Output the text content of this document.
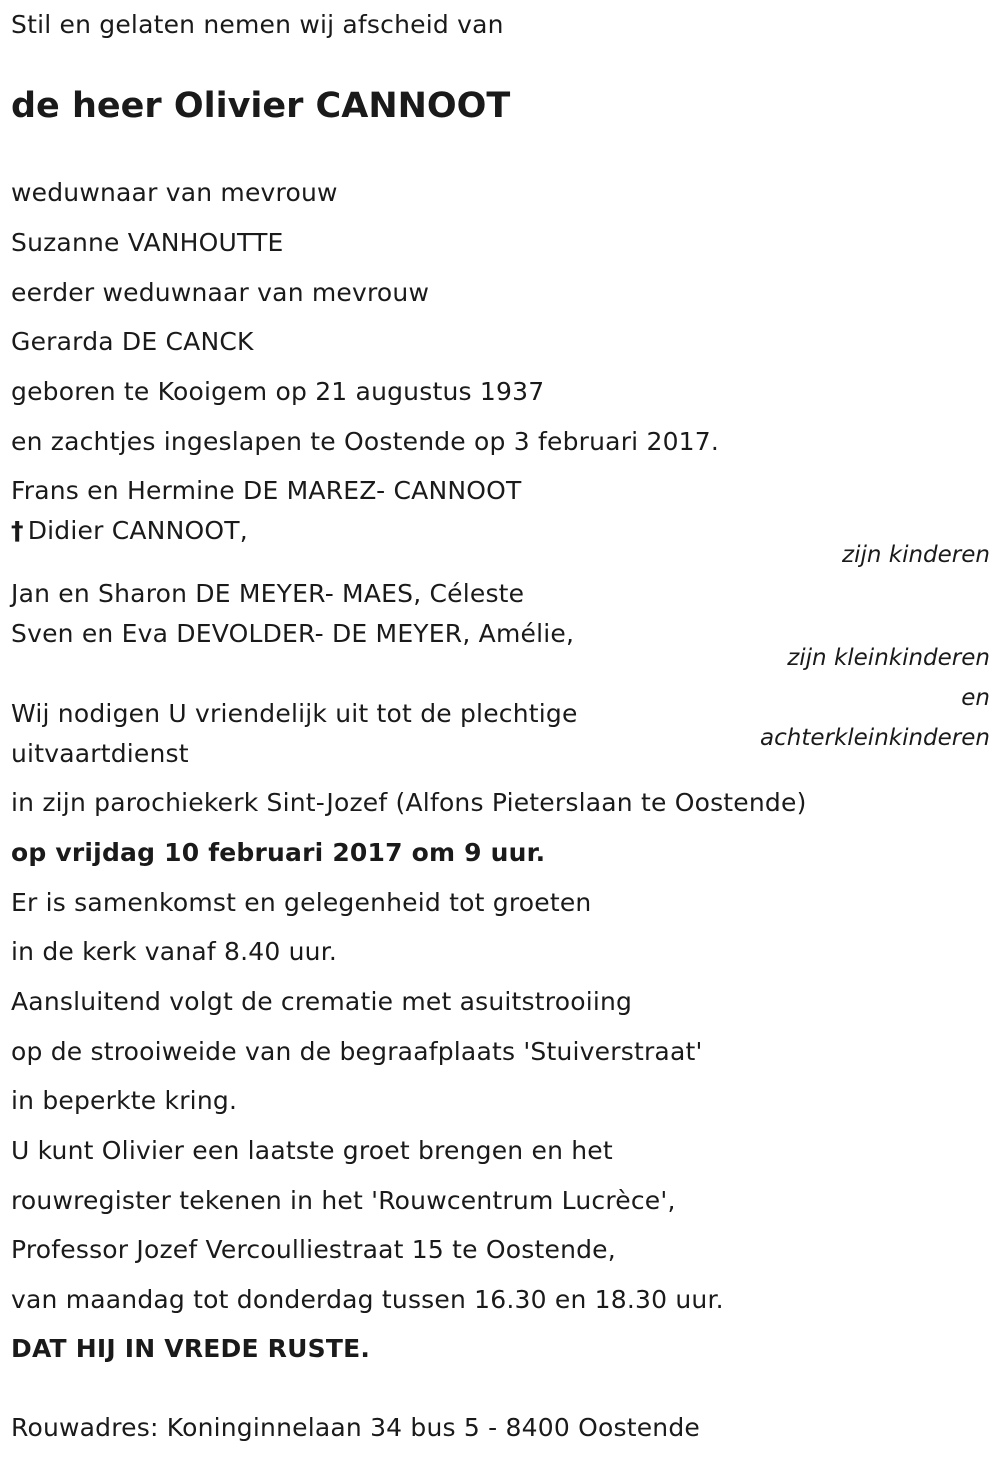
Stil en gelaten nemen wij afscheid van
de heer Olivier CANNOOT
weduwnaar van mevrouw
Suzanne VANHOUTTE
eerder weduwnaar van mevrouw
Gerarda DE CANCK
geboren te Kooigem op 21 augustus 1937
en zachtjes ingeslapen te Oostende op 3 februari 2017.
Frans en Hermine DE MAREZ- CANNOOT
† Didier CANNOOT,
zijn kinderen
Jan en Sharon DE MEYER- MAES, Céleste
Sven en Eva DEVOLDER- DE MEYER, Amélie,
zijn kleinkinderen
en
achterkleinkinderen
Wij nodigen U vriendelijk uit tot de plechtige
uitvaartdienst
in zijn parochiekerk Sint-Jozef (Alfons Pieterslaan te Oostende)
op vrijdag 10 februari 2017 om 9 uur.
Er is samenkomst en gelegenheid tot groeten
in de kerk vanaf 8.40 uur.
Aansluitend volgt de crematie met asuitstrooiing
op de strooiweide van de begraafplaats 'Stuiverstraat'
in beperkte kring.
U kunt Olivier een laatste groet brengen en het
rouwregister tekenen in het 'Rouwcentrum Lucrèce',
Professor Jozef Vercoulliestraat 15 te Oostende,
van maandag tot donderdag tussen 16.30 en 18.30 uur.
DAT HIJ IN VREDE RUSTE.
Rouwadres: Koninginnelaan 34 bus 5 - 8400 Oostende
